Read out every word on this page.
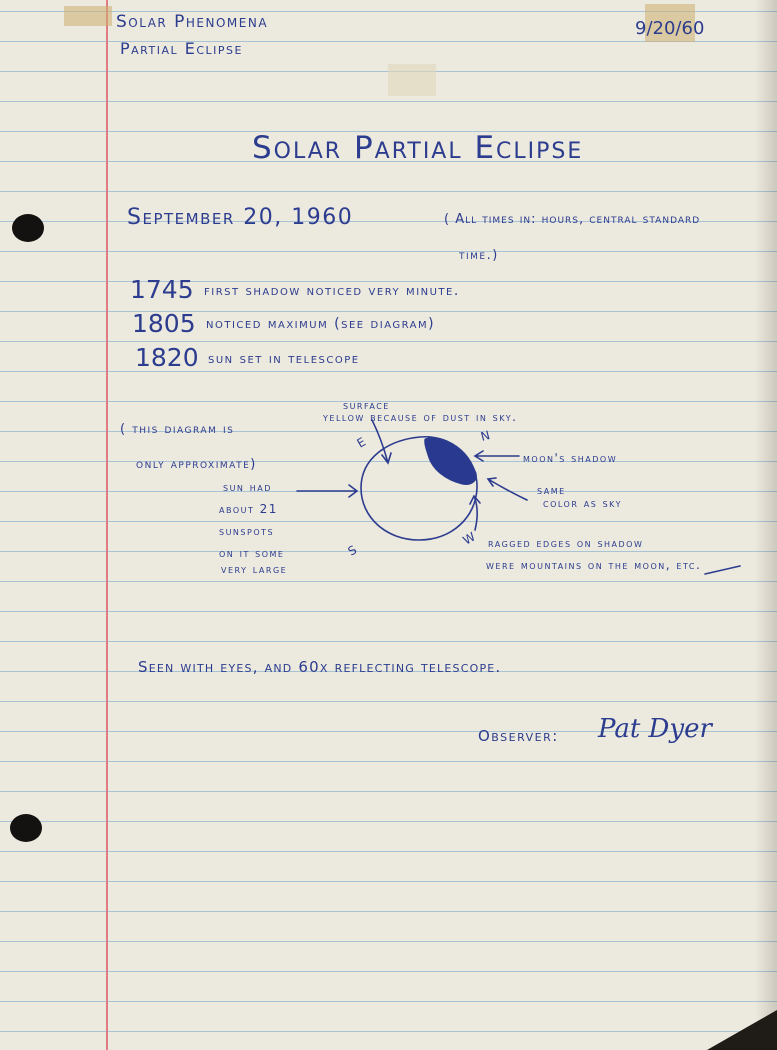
Solar Phenomena
Partial Eclipse
9/20/60
Solar Partial Eclipse
September 20, 1960	( All times in: hours, central standard
time.)
1745 first shadow noticed very minute.
1805 noticed maximum (see diagram)
1820 sun set in telescope
N
E
S
W
( this diagram is
only approximate)
sun had
about 21
sunspots
on it some
very large
surface
yellow because of dust in sky.
moon's shadow
same
color as sky
ragged edges on shadow
were mountains on the moon, etc.
Seen with eyes, and 60x reflecting telescope.
Observer: Pat Dyer
